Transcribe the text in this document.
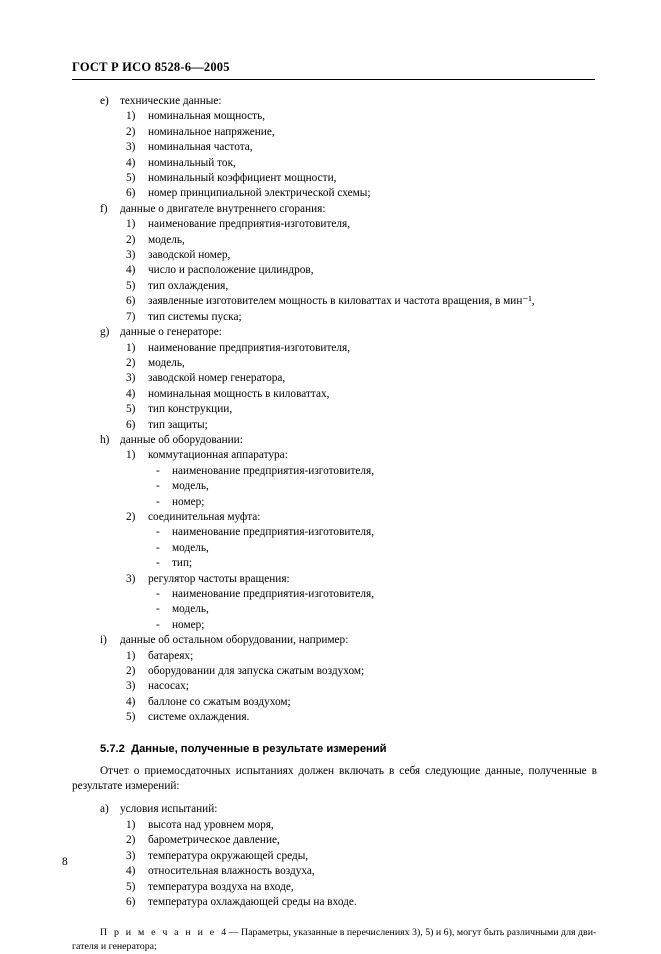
ГОСТ Р ИСО 8528-6—2005
e) технические данные:
1)	номинальная мощность,
2)	номинальное напряжение,
3)	номинальная частота,
4)	номинальный ток,
5)	номинальный коэффициент мощности,
6)	номер принципиальной электрической схемы;
f)	данные о двигателе внутреннего сгорания:
1)	наименование предприятия-изготовителя,
2)	модель,
3)	заводской номер,
4)	число и расположение цилиндров,
5)	тип охлаждения,
6)	заявленные изготовителем мощность в киловаттах и частота вращения, в мин⁻¹,
7)	тип системы пуска;
g) данные о генераторе:
1)	наименование предприятия-изготовителя,
2)	модель,
3)	заводской номер генератора,
4)	номинальная мощность в киловаттах,
5)	тип конструкции,
6)	тип защиты;
h) данные об оборудовании:
1)	коммутационная аппаратура:
-	наименование предприятия-изготовителя,
-	модель,
-	номер;
2)	соединительная муфта:
-	наименование предприятия-изготовителя,
-	модель,
-	тип;
3)	регулятор частоты вращения:
-	наименование предприятия-изготовителя,
-	модель,
-	номер;
i)	данные об остальном оборудовании, например:
1)	батареях;
2)	оборудовании для запуска сжатым воздухом;
3)	насосах;
4)	баллоне со сжатым воздухом;
5)	системе охлаждения.
5.7.2 Данные, полученные в результате измерений
Отчет о приемосдаточных испытаниях должен включать в себя следующие данные, полученные в результате измерений:
a) условия испытаний:
1)	высота над уровнем моря,
2)	барометрическое давление,
3)	температура окружающей среды,
4)	относительная влажность воздуха,
5)	температура воздуха на входе,
6)	температура охлаждающей среды на входе.
П р и м е ч а н и е 4 — Параметры, указанные в перечислениях 3), 5) и 6), могут быть различными для дви-
гателя и генератора;
8
